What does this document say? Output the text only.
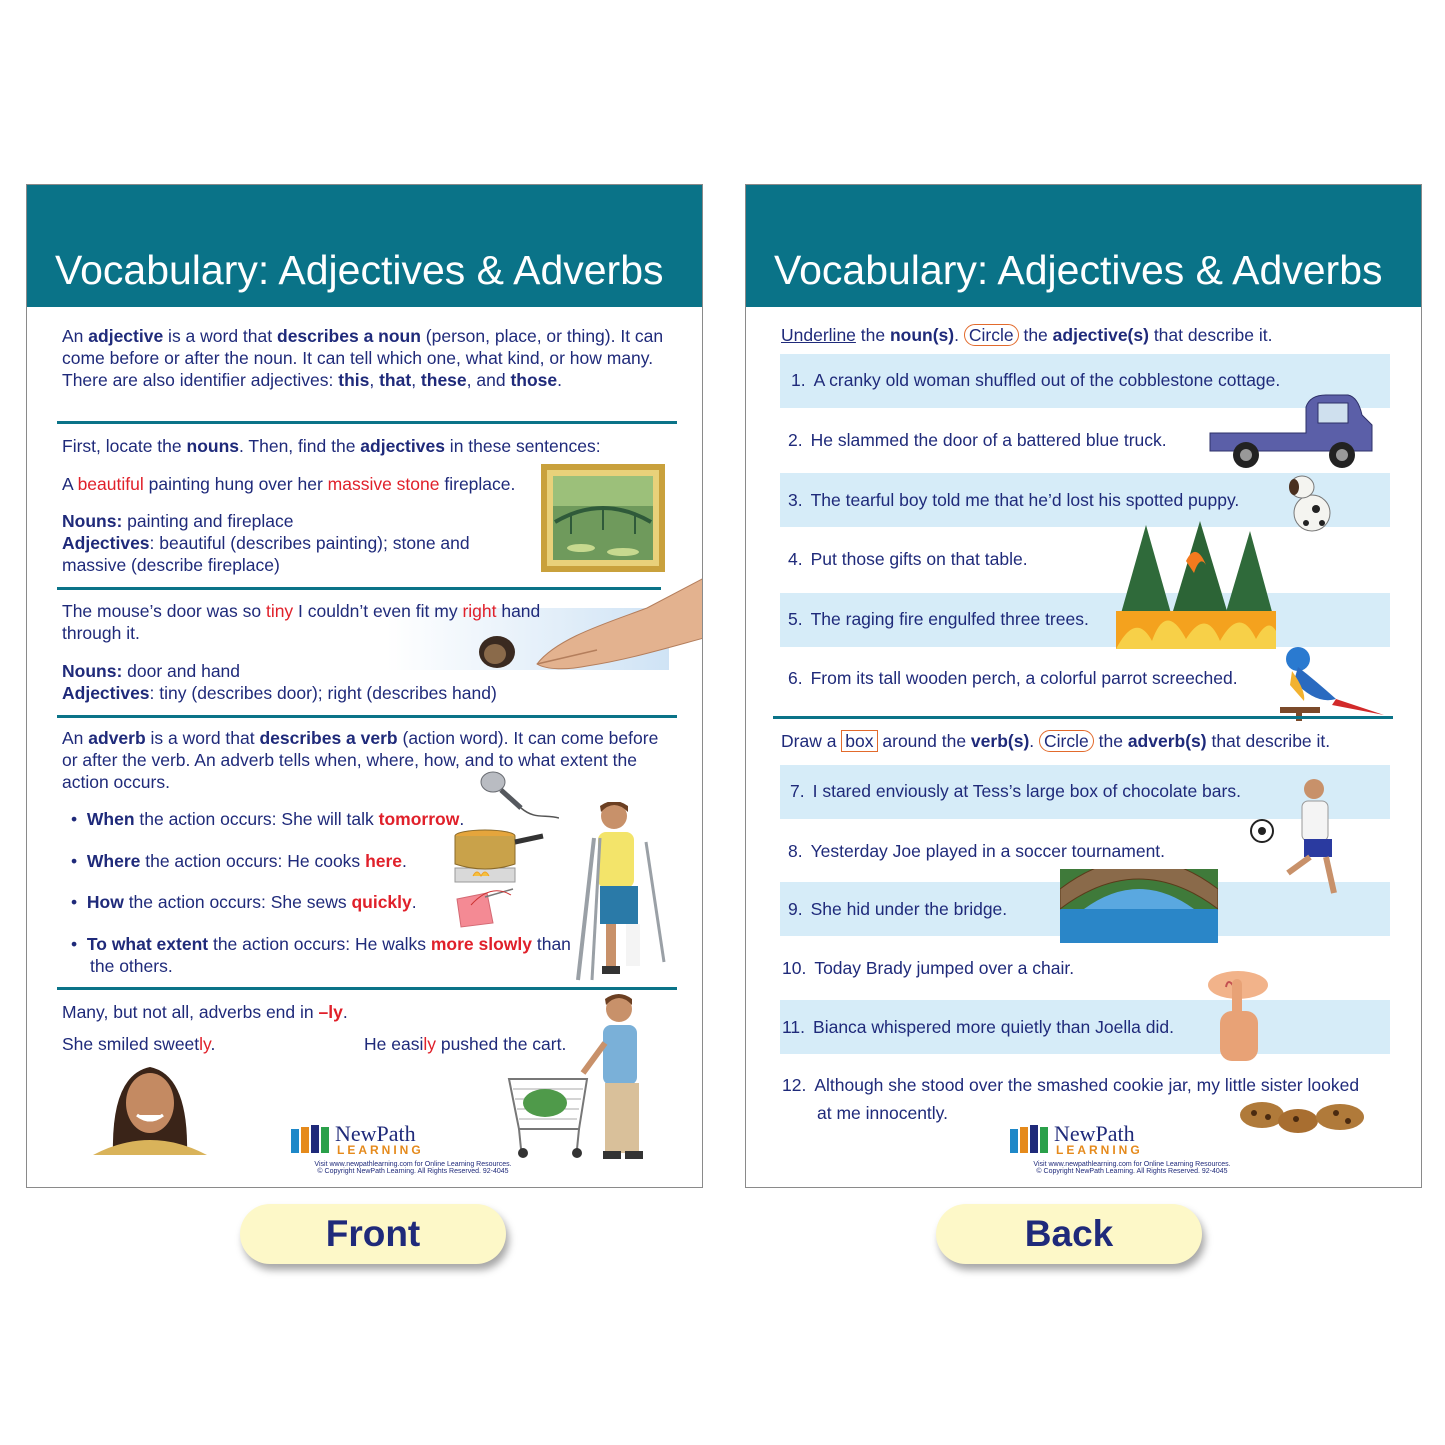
Vocabulary: Adjectives & Adverbs
An adjective is a word that describes a noun (person, place, or thing). It can come before or after the noun. It can tell which one, what kind, or how many. There are also identifier adjectives: this, that, these, and those.
First, locate the nouns. Then, find the adjectives in these sentences:
A beautiful painting hung over her massive stone fireplace.
Nouns: painting and fireplace
Adjectives: beautiful (describes painting); stone and massive (describe fireplace)
The mouse’s door was so tiny I couldn’t even fit my right hand through it.
Nouns: door and hand
Adjectives: tiny (describes door); right (describes hand)
An adverb is a word that describes a verb (action word). It can come before or after the verb. An adverb tells when, where, how, and to what extent the action occurs.
• When the action occurs: She will talk tomorrow.
• Where the action occurs: He cooks here.
• How the action occurs: She sews quickly.
• To what extent the action occurs: He walks more slowly than the others.
Many, but not all, adverbs end in –ly.
She smiled sweetly.	He easily pushed the cart.
NewPath
LEARNING
Visit www.newpathlearning.com for Online Learning Resources.
© Copyright NewPath Learning. All Rights Reserved. 92-4045
Vocabulary: Adjectives & Adverbs
Underline the noun(s). Circle the adjective(s) that describe it.
1. A cranky old woman shuffled out of the cobblestone cottage.
2. He slammed the door of a battered blue truck.
3. The tearful boy told me that he’d lost his spotted puppy.
4. Put those gifts on that table.
5. The raging fire engulfed three trees.
6. From its tall wooden perch, a colorful parrot screeched.
Draw a box around the verb(s). Circle the adverb(s) that describe it.
7. I stared enviously at Tess’s large box of chocolate bars.
8. Yesterday Joe played in a soccer tournament.
9. She hid under the bridge.
10. Today Brady jumped over a chair.
11. Bianca whispered more quietly than Joella did.
12. Although she stood over the smashed cookie jar, my little sister looked
at me innocently.
NewPath
LEARNING
Visit www.newpathlearning.com for Online Learning Resources.
© Copyright NewPath Learning. All Rights Reserved. 92-4045
Front	Back
